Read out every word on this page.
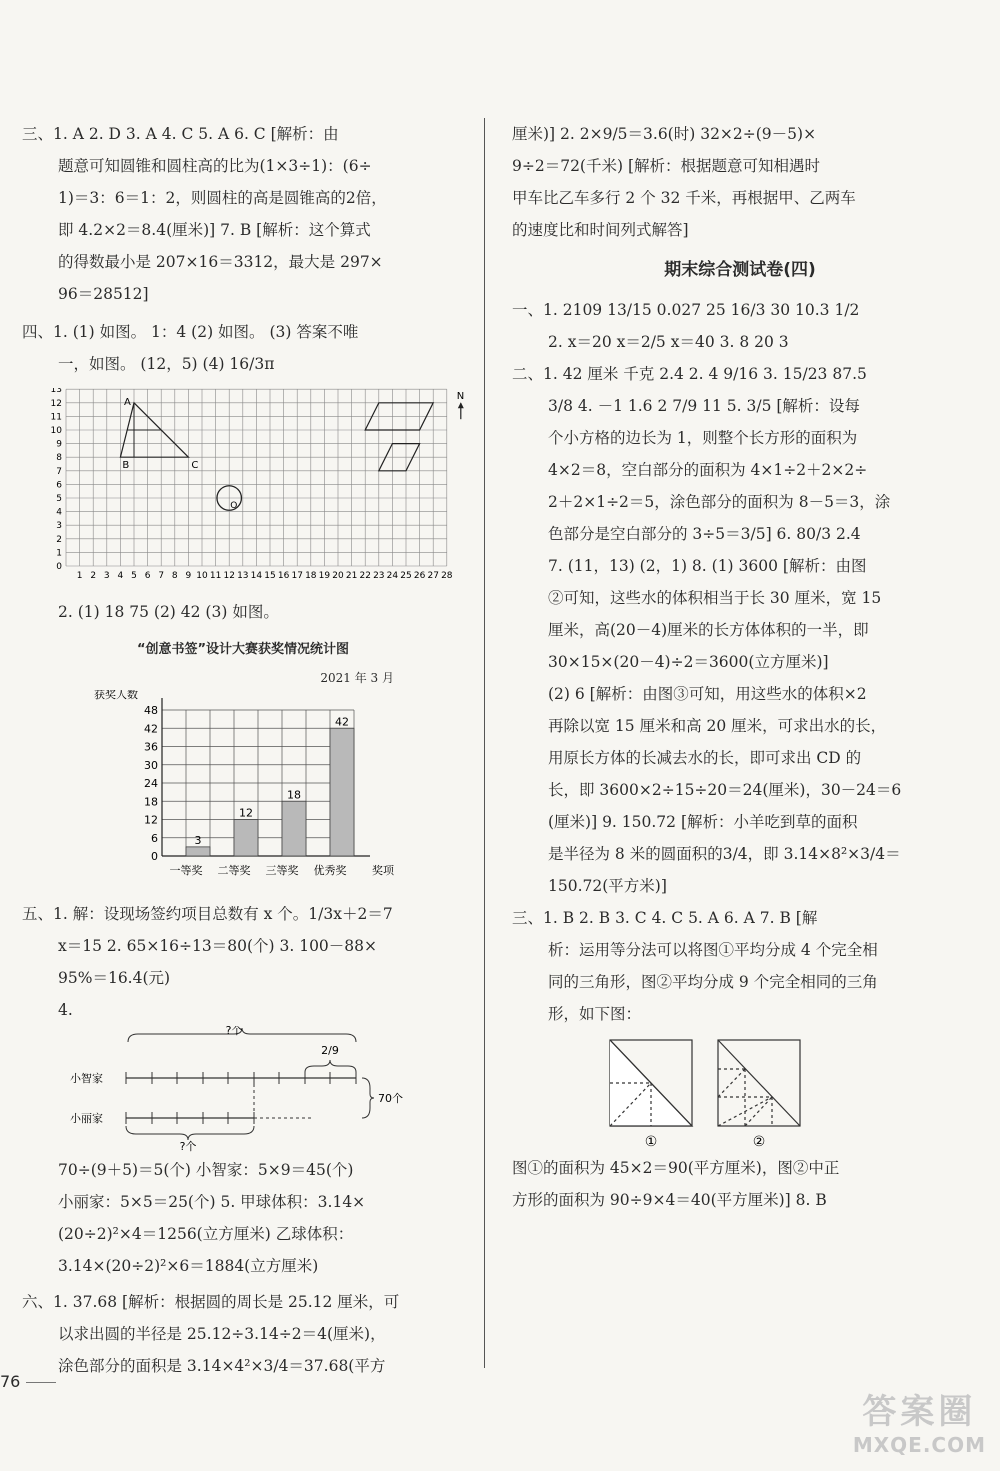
三、1. A 2. D 3. A 4. C 5. A 6. C [解析：由
题意可知圆锥和圆柱高的比为(1×3÷1)：(6÷
1)＝3：6＝1：2，则圆柱的高是圆锥高的2倍，
即 4.2×2＝8.4(厘米)] 7. B [解析：这个算式
的得数最小是 207×16＝3312，最大是 297×
96＝28512]
四、1. (1) 如图。 1：4 (2) 如图。 (3) 答案不唯
一，如图。 (12，5) (4) 16/3π
13
12
11
10
9
8
7
6
5
4
3
2
1
0
1 2 3 4 5 6 7 8 9 10 11 12 13 14 15 16 17 18 19 20 21 22 23 24 25 26 27 28
A
B	C
O
N
2. (1) 18 75 (2) 42 (3) 如图。
“创意书签”设计大赛获奖情况统计图
2021 年 3 月
0
6
12
18
24
30
36
42
48
获奖人数
奖项
3
一等奖
12
二等奖
18
三等奖
42
优秀奖
五、1. 解：设现场签约项目总数有 x 个。1/3x＋2＝7
x＝15 2. 65×16÷13＝80(个) 3. 100－88×
95%＝16.4(元)
4.
?个
2/9
小智家
小丽家
70个
?个
70÷(9＋5)＝5(个) 小智家：5×9＝45(个)
小丽家：5×5＝25(个) 5. 甲球体积：3.14×
(20÷2)²×4＝1256(立方厘米) 乙球体积：
3.14×(20÷2)²×6＝1884(立方厘米)
六、1. 37.68 [解析：根据圆的周长是 25.12 厘米，可
以求出圆的半径是 25.12÷3.14÷2＝4(厘米)，
涂色部分的面积是 3.14×4²×3/4＝37.68(平方
76
厘米)] 2. 2×9/5＝3.6(时) 32×2÷(9－5)×
9÷2＝72(千米) [解析：根据题意可知相遇时
甲车比乙车多行 2 个 32 千米，再根据甲、乙两车
的速度比和时间列式解答]
期末综合测试卷(四)
一、1. 2109 13/15 0.027 25 16/3 30 10.3 1/2
2. x＝20 x＝2/5 x＝40 3. 8 20 3
二、1. 42 厘米 千克 2.4 2. 4 9/16 3. 15/23 87.5
3/8 4. －1 1.6 2 7/9 11 5. 3/5 [解析：设每
个小方格的边长为 1，则整个长方形的面积为
4×2＝8，空白部分的面积为 4×1÷2＋2×2÷
2＋2×1÷2＝5，涂色部分的面积为 8－5＝3，涂
色部分是空白部分的 3÷5＝3/5] 6. 80/3 2.4
7. (11，13) (2，1) 8. (1) 3600 [解析：由图
②可知，这些水的体积相当于长 30 厘米，宽 15
厘米，高(20－4)厘米的长方体体积的一半，即
30×15×(20－4)÷2＝3600(立方厘米)]
(2) 6 [解析：由图③可知，用这些水的体积×2
再除以宽 15 厘米和高 20 厘米，可求出水的长，
用原长方体的长减去水的长，即可求出 CD 的
长，即 3600×2÷15÷20＝24(厘米)，30－24＝6
(厘米)] 9. 150.72 [解析：小羊吃到草的面积
是半径为 8 米的圆面积的3/4，即 3.14×8²×3/4＝
150.72(平方米)]
三、1. B 2. B 3. C 4. C 5. A 6. A 7. B [解
析：运用等分法可以将图①平均分成 4 个完全相
同的三角形，图②平均分成 9 个完全相同的三角
形，如下图：
①	②
图①的面积为 45×2＝90(平方厘米)，图②中正
方形的面积为 90÷9×4＝40(平方厘米)] 8. B
答案圈
MXQE.COM
